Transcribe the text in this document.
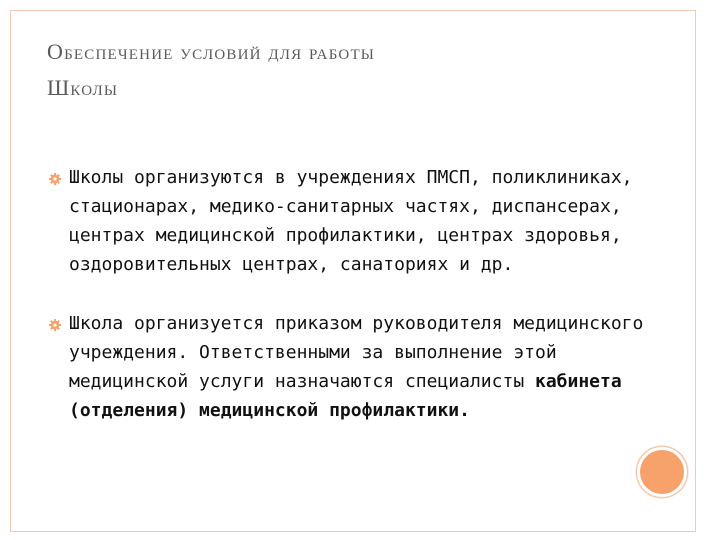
Обеспечение условий для работы
Школы
Школы организуются в учреждениях ПМСП, поликлиниках, стационарах, медико-санитарных частях, диспансерах, центрах медицинской профилактики, центрах здоровья, оздоровительных центрах, санаториях и др.
Школа организуется приказом руководителя медицинского учреждения. Ответственными за выполнение этой медицинской услуги назначаются специалисты кабинета (отделения) медицинской профилактики.
